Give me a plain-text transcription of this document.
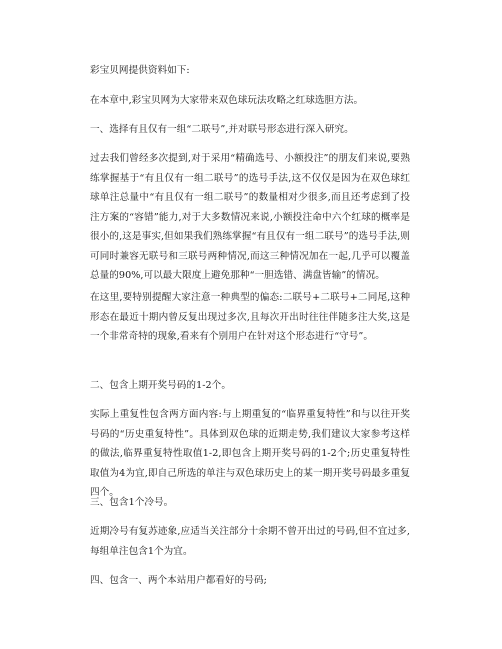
彩宝贝网提供资料如下:

在本章中,彩宝贝网为大家带来双色球玩法攻略之红球选胆方法。

一、选择有且仅有一组“二联号”,并对联号形态进行深入研究。

过去我们曾经多次提到,对于采用“精确选号、小额投注”的朋友们来说,要熟练掌握基于“有且仅有一组二联号”的选号手法,这不仅仅是因为在双色球红球单注总量中“有且仅有一组二联号”的数量相对少很多,而且还考虑到了投注方案的“容错”能力,对于大多数情况来说,小额投注命中六个红球的概率是很小的,这是事实,但如果我们熟练掌握“有且仅有一组二联号”的选号手法,则可同时兼容无联号和三联号两种情况,而这三种情况加在一起,几乎可以覆盖总量的90%,可以最大限度上避免那种“一胆选错、满盘皆输”的情况。

在这里,要特别提醒大家注意一种典型的偏态:二联号+二联号+二同尾,这种形态在最近十期内曾反复出现过多次,且每次开出时往往伴随多注大奖,这是一个非常奇特的现象,看来有个别用户在针对这个形态进行“守号”。

二、包含上期开奖号码的1-2个。

实际上重复性包含两方面内容:与上期重复的“临界重复特性”和与以往开奖号码的“历史重复特性”。具体到双色球的近期走势,我们建议大家参考这样的做法,临界重复特性取值1-2,即包含上期开奖号码的1-2个;历史重复特性取值为4为宜,即自己所选的单注与双色球历史上的某一期开奖号码最多重复四个。

三、包含1个冷号。

近期冷号有复苏迹象,应适当关注部分十余期不曾开出过的号码,但不宜过多,每组单注包含1个为宜。

四、包含一、两个本站用户都看好的号码;
